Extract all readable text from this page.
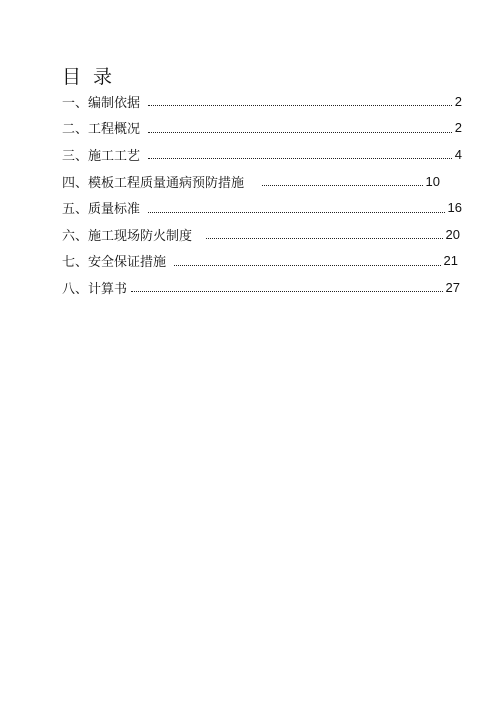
目 录
一、编制依据	2
二、工程概况	2
三、施工工艺	4
四、模板工程质量通病预防措施	10
五、质量标准	16
六、施工现场防火制度	20
七、安全保证措施	21
八、计算书	27
